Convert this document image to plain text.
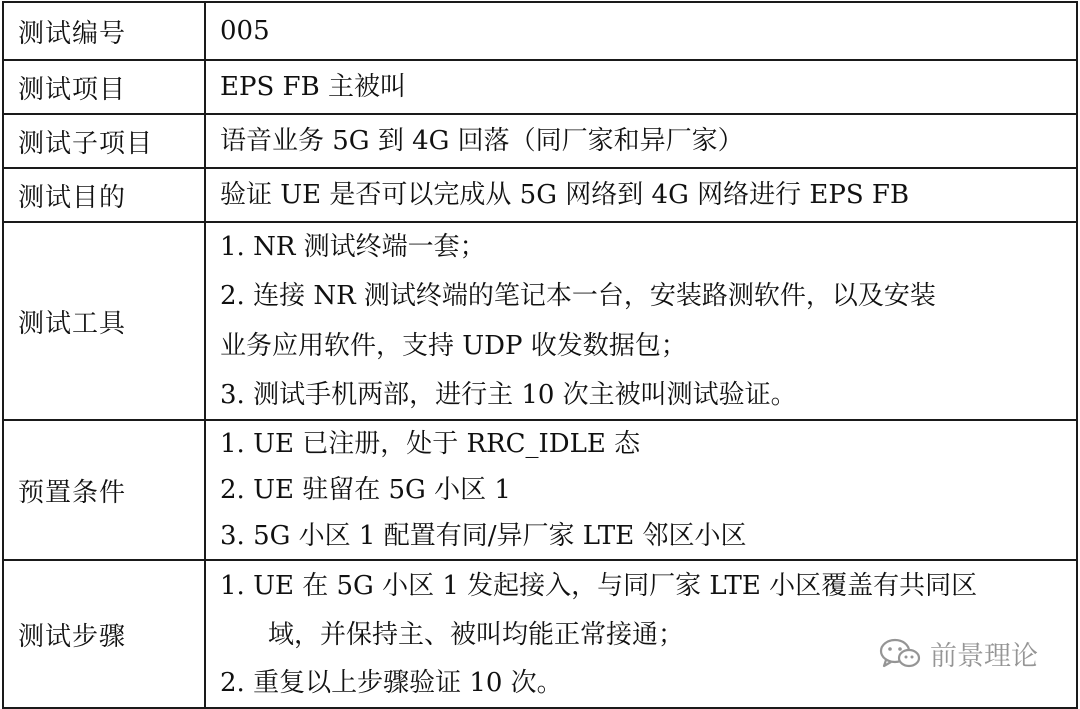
测试编号	005

测试项目	EPS FB 主被叫

测试子项目	语音业务 5G 到 4G 回落（同厂家和异厂家）

测试目的	验证 UE 是否可以完成从 5G 网络到 4G 网络进行 EPS FB

测试工具	1. NR 测试终端一套；
2. 连接 NR 测试终端的笔记本一台，安装路测软件，以及安装
业务应用软件，支持 UDP 收发数据包；
3. 测试手机两部，进行主 10 次主被叫测试验证。

预置条件	1. UE 已注册，处于 RRC_IDLE 态
2. UE 驻留在 5G 小区 1
3. 5G 小区 1 配置有同/异厂家 LTE 邻区小区

测试步骤	1. UE 在 5G 小区 1 发起接入，与同厂家 LTE 小区覆盖有共同区
域，并保持主、被叫均能正常接通；
2. 重复以上步骤验证 10 次。
前景理论
